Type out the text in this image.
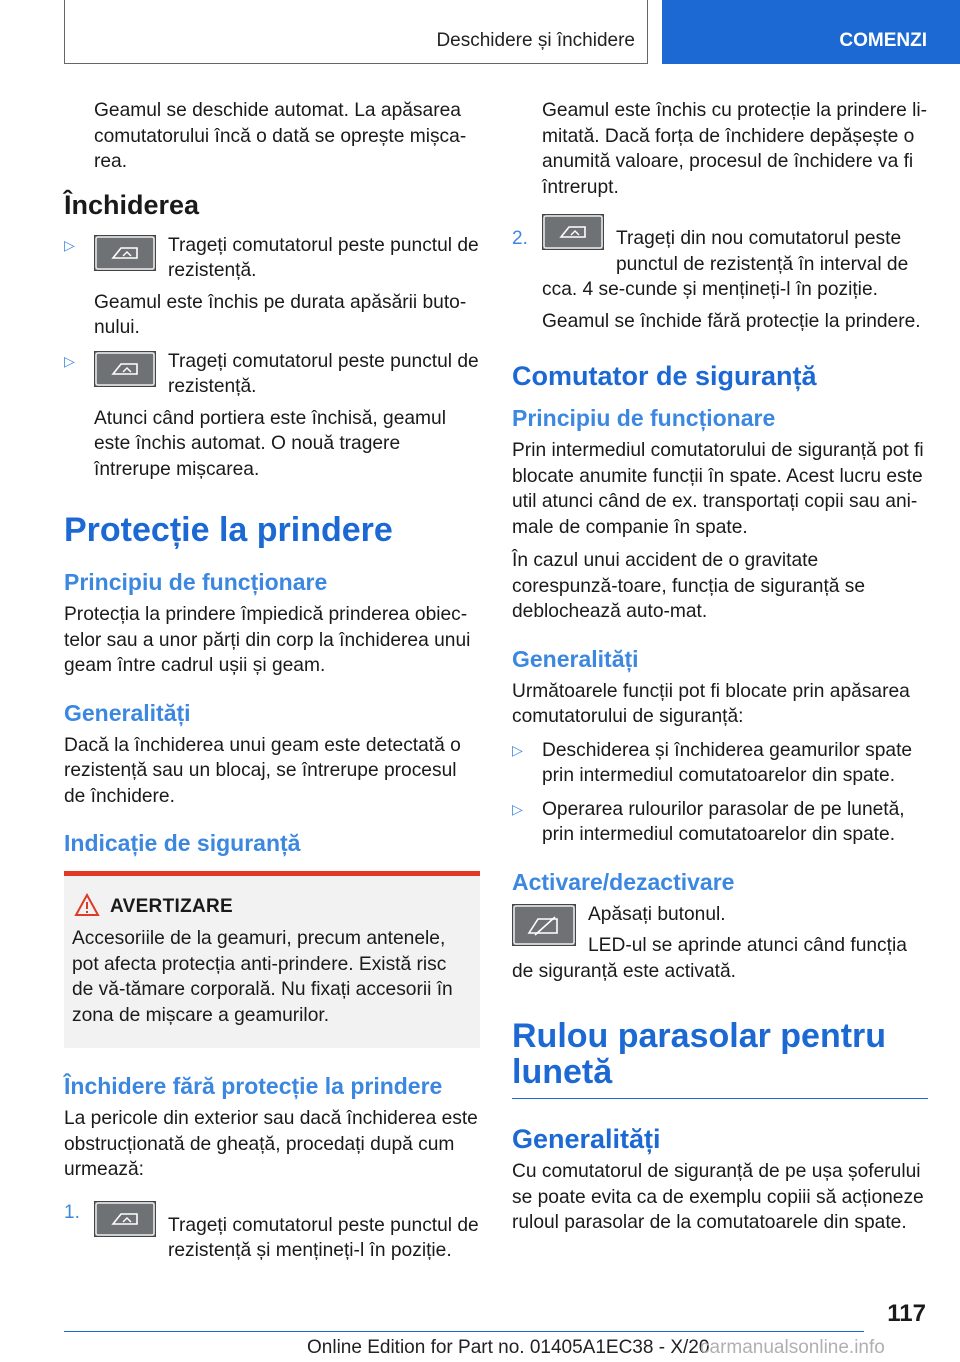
Deschidere și închidere	COMENZI

Geamul se deschide automat. La apăsarea comutatorului încă o dată se oprește mișca-rea.

Închiderea
▷	Trageți comutatorul peste punctul de rezistență.

Geamul este închis pe durata apăsării buto-nului.

▷	Trageți comutatorul peste punctul de rezistență.

Atunci când portiera este închisă, geamul este închis automat. O nouă tragere întrerupe mișcarea.

Protecție la prindere
Principiu de funcționare

Protecția la prindere împiedică prinderea obiec-telor sau a unor părți din corp la închiderea unui geam între cadrul ușii și geam.

Generalități

Dacă la închiderea unui geam este detectată o rezistență sau un blocaj, se întrerupe procesul de închidere.

Indicație de siguranță
AVERTIZARE

Accesoriile de la geamuri, precum antenele, pot afecta protecția anti-prindere. Există risc de vă-tămare corporală. Nu fixați accesorii în zona de mișcare a geamurilor.

Închidere fără protecție la prindere

La pericole din exterior sau dacă închiderea este obstrucționată de gheață, procedați după cum urmează:

1.

Trageți comutatorul peste punctul de rezistență și mențineți-l în poziție.

Geamul este închis cu protecție la prindere li-mitată. Dacă forța de închidere depășește o anumită valoare, procesul de închidere va fi întrerupt.

2.	Trageți din nou comutatorul peste punctul de rezistență în interval de cca. 4 se-cunde și mențineți-l în poziție.

Geamul se închide fără protecție la prindere.

Comutator de siguranță
Principiu de funcționare

Prin intermediul comutatorului de siguranță pot fi blocate anumite funcții în spate. Acest lucru este util atunci când de ex. transportați copii sau ani-male de companie în spate.

În cazul unui accident de o gravitate corespunză-toare, funcția de siguranță se deblochează auto-mat.

Generalități

Următoarele funcții pot fi blocate prin apăsarea comutatorului de siguranță:

▷ Deschiderea și închiderea geamurilor spate prin intermediul comutatoarelor din spate.

▷ Operarea rulourilor parasolar de pe lunetă, prin intermediul comutatoarelor din spate.

Activare/dezactivare

Apăsați butonul.

LED-ul se aprinde atunci când funcția de siguranță este activată.

Rulou parasolar pentru lunetă
Generalități

Cu comutatorul de siguranță de pe ușa șoferului se poate evita ca de exemplu copiii să acționeze ruloul parasolar de la comutatoarele din spate.

117
Online Edition for Part no. 01405A1EC38 - X/20
carmanualsonline.info
